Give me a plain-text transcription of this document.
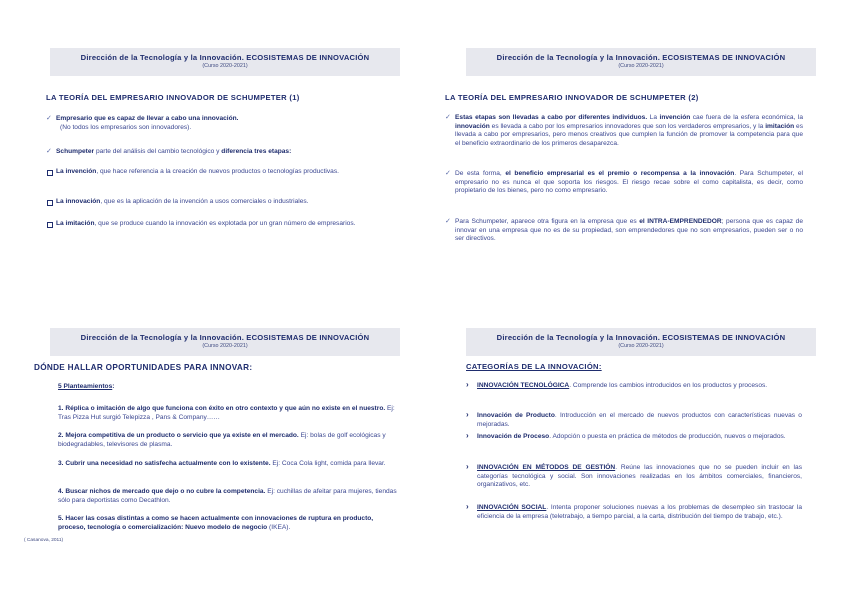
Dirección de la Tecnología y la Innovación. ECOSISTEMAS DE INNOVACIÓN
(Curso 2020-2021)
LA TEORÍA DEL EMPRESARIO INNOVADOR DE SCHUMPETER (1)
✓ Empresario que es capaz de llevar a cabo una innovación.
(No todos los empresarios son innovadores).
✓ Schumpeter parte del análisis del cambio tecnológico y diferencia tres etapas:
La invención, que hace referencia a la creación de nuevos productos o tecnologías productivas.
La innovación, que es la aplicación de la invención a usos comerciales o industriales.
La imitación, que se produce cuando la innovación es explotada por un gran número de empresarios.
Dirección de la Tecnología y la Innovación. ECOSISTEMAS DE INNOVACIÓN
(Curso 2020-2021)
LA TEORÍA DEL EMPRESARIO INNOVADOR DE SCHUMPETER (2)
✓ Estas etapas son llevadas a cabo por diferentes individuos. La invención cae fuera de la esfera económica, la innovación es llevada a cabo por los empresarios innovadores que son los verdaderos empresarios, y la imitación es llevada a cabo por empresarios, pero menos creativos que cumplen la función de promover la competencia para que el beneficio extraordinario de los primeros desaparezca.
✓ De esta forma, el beneficio empresarial es el premio o recompensa a la innovación. Para Schumpeter, el empresario no es nunca el que soporta los riesgos. El riesgo recae sobre el como capitalista, es decir, como propietario de los bienes, pero no como empresario.
✓ Para Schumpeter, aparece otra figura en la empresa que es el INTRA-EMPRENDEDOR; persona que es capaz de innovar en una empresa que no es de su propiedad, son emprendedores que no son empresarios, pueden ser o no ser directivos.
Dirección de la Tecnología y la Innovación. ECOSISTEMAS DE INNOVACIÓN
(Curso 2020-2021)
DÓNDE HALLAR OPORTUNIDADES PARA INNOVAR:
5 Planteamientos:
1. Réplica o imitación de algo que funciona con éxito en otro contexto y que aún no existe en el nuestro. Ej: Tras Pizza Hut surgió Telepizza , Pans & Company……
2. Mejora competitiva de un producto o servicio que ya existe en el mercado. Ej: bolas de golf ecológicas y biodegradables, televisores de plasma.
3. Cubrir una necesidad no satisfecha actualmente con lo existente. Ej: Coca Cola light, comida para llevar.
4. Buscar nichos de mercado que dejo o no cubre la competencia. Ej: cuchillas de afeitar para mujeres, tiendas sólo para deportistas como Decathlon.
5. Hacer las cosas distintas a como se hacen actualmente con innovaciones de ruptura en producto, proceso, tecnología o comercialización: Nuevo modelo de negocio (IKEA).
( Casanova, 2011)
Dirección de la Tecnología y la Innovación. ECOSISTEMAS DE INNOVACIÓN
(Curso 2020-2021)
CATEGORÍAS DE LA INNOVACIÓN:
› INNOVACIÓN TECNOLÓGICA. Comprende los cambios introducidos en los productos y procesos.
› Innovación de Producto. Introducción en el mercado de nuevos productos con características nuevas o mejoradas.
› Innovación de Proceso. Adopción o puesta en práctica de métodos de producción, nuevos o mejorados.
› INNOVACIÓN EN MÉTODOS DE GESTIÓN. Reúne las innovaciones que no se pueden incluir en las categorías tecnológica y social. Son innovaciones realizadas en los ámbitos comerciales, financieros, organizativos, etc.
› INNOVACIÓN SOCIAL. Intenta proponer soluciones nuevas a los problemas de desempleo sin trastocar la eficiencia de la empresa (teletrabajo, a tiempo parcial, a la carta, distribución del tiempo de trabajo, etc.).
